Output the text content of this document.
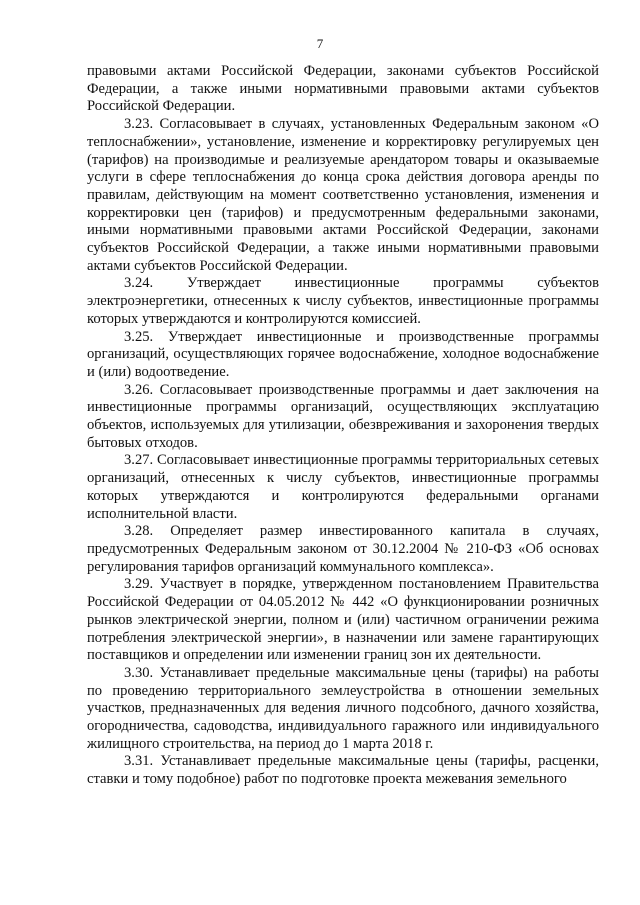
7

правовыми актами Российской Федерации, законами субъектов Российской Федерации, а также иными нормативными правовыми актами субъектов Российской Федерации.

3.23. Согласовывает в случаях, установленных Федеральным законом «О теплоснабжении», установление, изменение и корректировку регулируемых цен (тарифов) на производимые и реализуемые арендатором товары и оказываемые услуги в сфере теплоснабжения до конца срока действия договора аренды по правилам, действующим на момент соответственно установления, изменения и корректировки цен (тарифов) и предусмотренным федеральными законами, иными нормативными правовыми актами Российской Федерации, законами субъектов Российской Федерации, а также иными нормативными правовыми актами субъектов Российской Федерации.

3.24. Утверждает инвестиционные программы субъектов электроэнергетики, отнесенных к числу субъектов, инвестиционные программы которых утверждаются и контролируются комиссией.

3.25. Утверждает инвестиционные и производственные программы организаций, осуществляющих горячее водоснабжение, холодное водоснабжение и (или) водоотведение.

3.26. Согласовывает производственные программы и дает заключения на инвестиционные программы организаций, осуществляющих эксплуатацию объектов, используемых для утилизации, обезвреживания и захоронения твердых бытовых отходов.

3.27. Согласовывает инвестиционные программы территориальных сетевых организаций, отнесенных к числу субъектов, инвестиционные программы которых утверждаются и контролируются федеральными органами исполнительной власти.

3.28. Определяет размер инвестированного капитала в случаях, предусмотренных Федеральным законом от 30.12.2004 № 210-ФЗ «Об основах регулирования тарифов организаций коммунального комплекса».

3.29. Участвует в порядке, утвержденном постановлением Правительства Российской Федерации от 04.05.2012 № 442 «О функционировании розничных рынков электрической энергии, полном и (или) частичном ограничении режима потребления электрической энергии», в назначении или замене гарантирующих поставщиков и определении или изменении границ зон их деятельности.

3.30. Устанавливает предельные максимальные цены (тарифы) на работы по проведению территориального землеустройства в отношении земельных участков, предназначенных для ведения личного подсобного, дачного хозяйства, огородничества, садоводства, индивидуального гаражного или индивидуального жилищного строительства, на период до 1 марта 2018 г.

3.31. Устанавливает предельные максимальные цены (тарифы, расценки, ставки и тому подобное) работ по подготовке проекта межевания земельного
